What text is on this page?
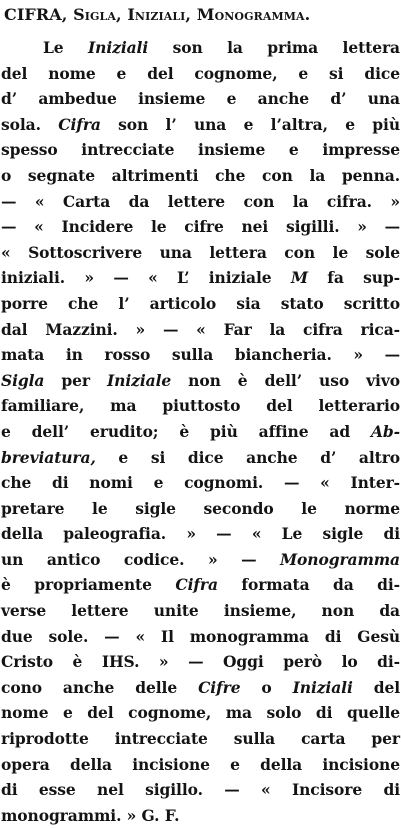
CIFRA, Sigla, Iniziali, Monogramma.
Le Iniziali son la prima lettera
del nome e del cognome, e si dice
d’ ambedue insieme e anche d’ una
sola. Cifra son l’ una e l’altra, e più
spesso intrecciate insieme e impresse
o segnate altrimenti che con la penna.
— « Carta da lettere con la cifra. »
— « Incidere le cifre nei sigilli. » —
« Sottoscrivere una lettera con le sole
iniziali. » — « L’ iniziale M fa sup-
porre che l’ articolo sia stato scritto
dal Mazzini. » — « Far la cifra rica-
mata in rosso sulla biancheria. » —
Sigla per Iniziale non è dell’ uso vivo
familiare, ma piuttosto del letterario
e dell’ erudito; è più affine ad Ab-
breviatura, e si dice anche d’ altro
che di nomi e cognomi. — « Inter-
pretare le sigle secondo le norme
della paleografia. » — « Le sigle di
un antico codice. » — Monogramma
è propriamente Cifra formata da di-
verse lettere unite insieme, non da
due sole. — « Il monogramma di Gesù
Cristo è IHS. » — Oggi però lo di-
cono anche delle Cifre o Iniziali del
nome e del cognome, ma solo di quelle
riprodotte intrecciate sulla carta per
opera della incisione e della incisione
di esse nel sigillo. — « Incisore di
monogrammi. » G. F.
